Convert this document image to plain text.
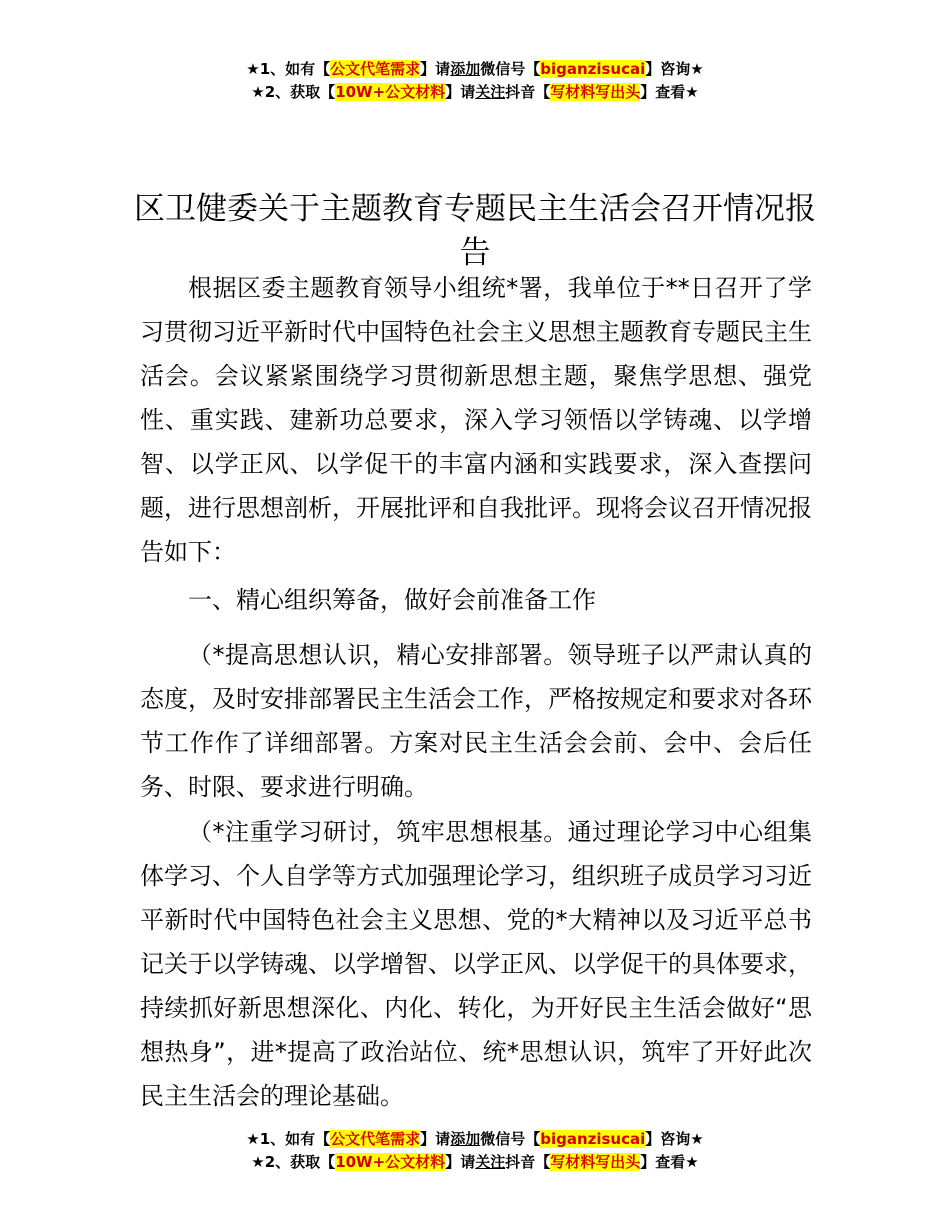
★1、如有【公文代笔需求】请添加微信号【biganzisucai】咨询★
★2、获取【10W+公文材料】请关注抖音【写材料写出头】查看★
区卫健委关于主题教育专题民主生活会召开情况报告

根据区委主题教育领导小组统*署，我单位于**日召开了学习贯彻习近平新时代中国特色社会主义思想主题教育专题民主生活会。会议紧紧围绕学习贯彻新思想主题，聚焦学思想、强党性、重实践、建新功总要求，深入学习领悟以学铸魂、以学增智、以学正风、以学促干的丰富内涵和实践要求，深入查摆问题，进行思想剖析，开展批评和自我批评。现将会议召开情况报告如下：

一、精心组织筹备，做好会前准备工作

（*提高思想认识，精心安排部署。领导班子以严肃认真的态度，及时安排部署民主生活会工作，严格按规定和要求对各环节工作作了详细部署。方案对民主生活会会前、会中、会后任务、时限、要求进行明确。

（*注重学习研讨，筑牢思想根基。通过理论学习中心组集体学习、个人自学等方式加强理论学习，组织班子成员学习习近平新时代中国特色社会主义思想、党的*大精神以及习近平总书记关于以学铸魂、以学增智、以学正风、以学促干的具体要求，持续抓好新思想深化、内化、转化，为开好民主生活会做好“思想热身”，进*提高了政治站位、统*思想认识，筑牢了开好此次民主生活会的理论基础。

★1、如有【公文代笔需求】请添加微信号【biganzisucai】咨询★
★2、获取【10W+公文材料】请关注抖音【写材料写出头】查看★
